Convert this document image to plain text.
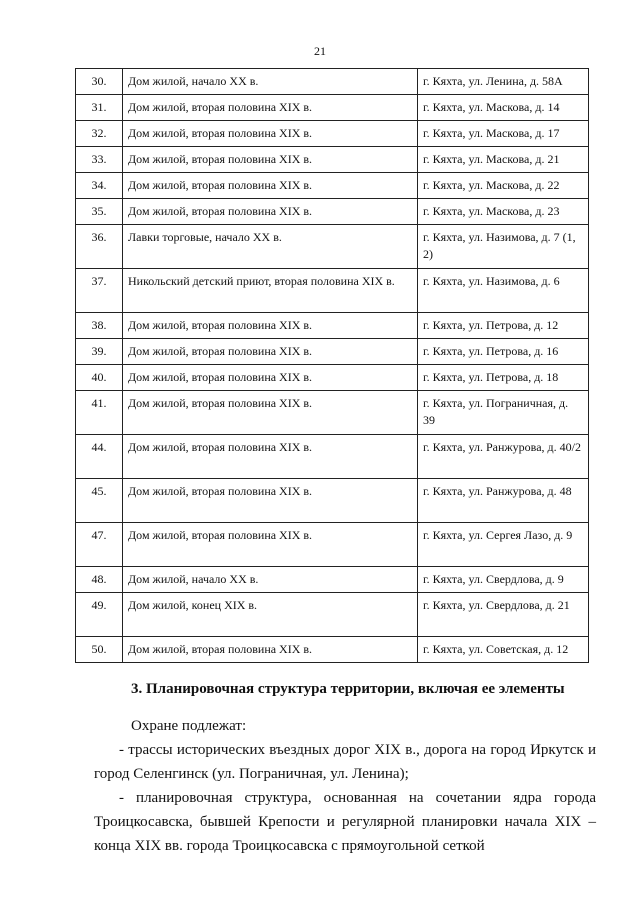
21
30.	Дом жилой, начало XX в.	г. Кяхта, ул. Ленина, д. 58А
31.	Дом жилой, вторая половина XIX в.	г. Кяхта, ул. Маскова, д. 14
32.	Дом жилой, вторая половина XIX в.	г. Кяхта, ул. Маскова, д. 17
33.	Дом жилой, вторая половина XIX в.	г. Кяхта, ул. Маскова, д. 21
34.	Дом жилой, вторая половина XIX в.	г. Кяхта, ул. Маскова, д. 22
35.	Дом жилой, вторая половина XIX в.	г. Кяхта, ул. Маскова, д. 23
36.	Лавки торговые, начало XX в.	г. Кяхта, ул. Назимова, д. 7 (1, 2)
37.	Никольский детский приют, вторая половина XIX в.	г. Кяхта, ул. Назимова, д. 6
38.	Дом жилой, вторая половина XIX в.	г. Кяхта, ул. Петрова, д. 12
39.	Дом жилой, вторая половина XIX в.	г. Кяхта, ул. Петрова, д. 16
40.	Дом жилой, вторая половина XIX в.	г. Кяхта, ул. Петрова, д. 18
41.	Дом жилой, вторая половина XIX в.	г. Кяхта, ул. Пограничная, д. 39
44.	Дом жилой, вторая половина XIX в.	г. Кяхта, ул. Ранжурова, д. 40/2
45.	Дом жилой, вторая половина XIX в.	г. Кяхта, ул. Ранжурова, д. 48
47.	Дом жилой, вторая половина XIX в.	г. Кяхта, ул. Сергея Лазо, д. 9
48.	Дом жилой, начало XX в.	г. Кяхта, ул. Свердлова, д. 9
49.	Дом жилой, конец XIX в.	г. Кяхта, ул. Свердлова, д. 21
50.	Дом жилой, вторая половина XIX в.	г. Кяхта, ул. Советская, д. 12
3. Планировочная структура территории, включая ее элементы
Охране подлежат:
- трассы исторических въездных дорог XIX в., дорога на город Иркутск и город Селенгинск (ул. Пограничная, ул. Ленина);
- планировочная структура, основанная на сочетании ядра города Троицкосавска, бывшей Крепости и регулярной планировки начала XIX – конца XIX вв. города Троицкосавска с прямоугольной сеткой
